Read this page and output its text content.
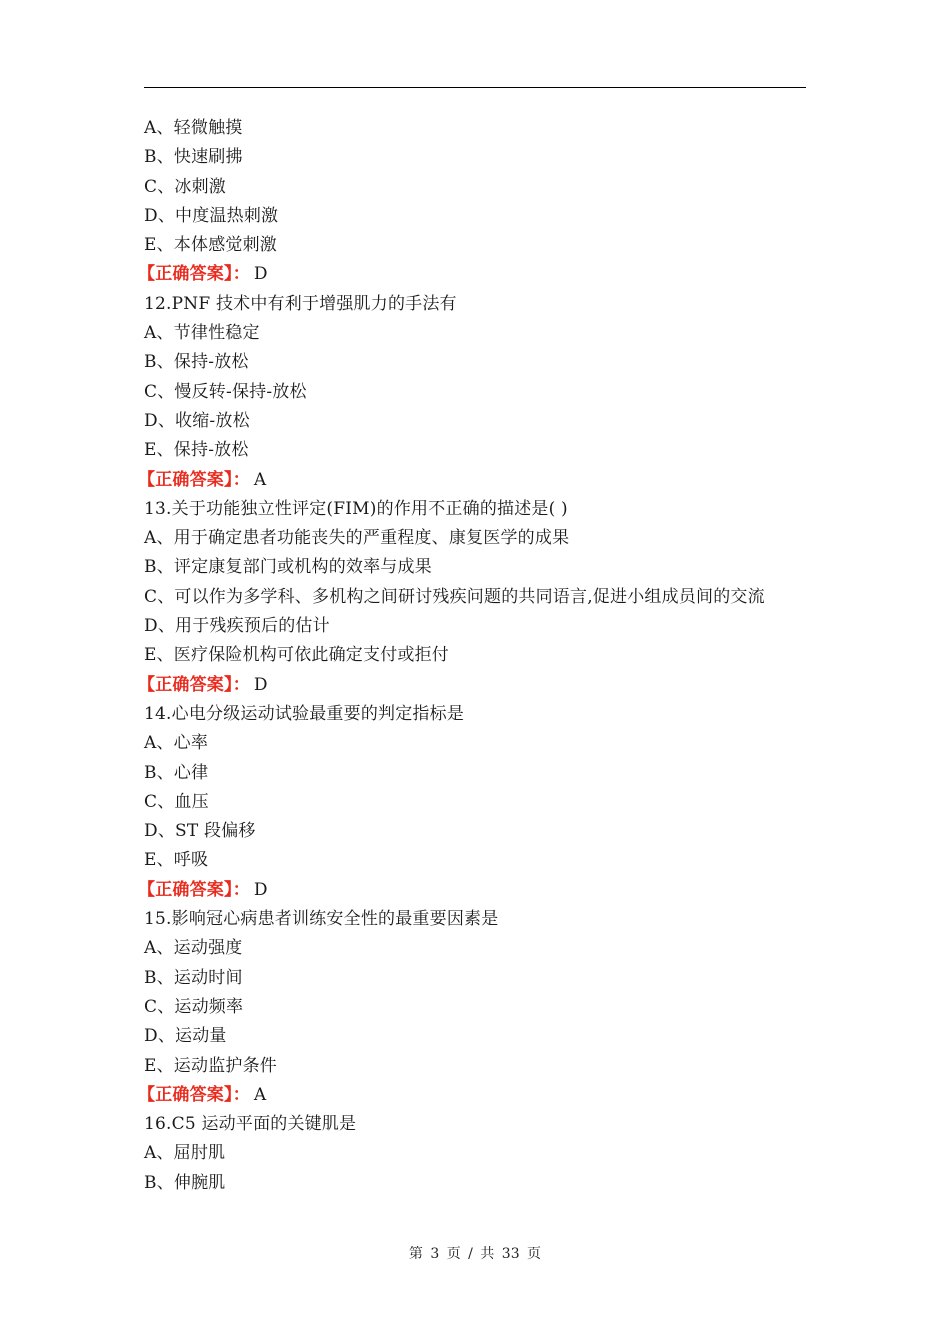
A、轻微触摸
B、快速刷拂
C、冰刺激
D、中度温热刺激
E、本体感觉刺激
【正确答案】： D
12.PNF 技术中有利于增强肌力的手法有
A、节律性稳定
B、保持-放松
C、慢反转-保持-放松
D、收缩-放松
E、保持-放松
【正确答案】： A
13.关于功能独立性评定(FIM)的作用不正确的描述是( )
A、用于确定患者功能丧失的严重程度、康复医学的成果
B、评定康复部门或机构的效率与成果
C、可以作为多学科、多机构之间研讨残疾问题的共同语言,促进小组成员间的交流
D、用于残疾预后的估计
E、医疗保险机构可依此确定支付或拒付
【正确答案】： D
14.心电分级运动试验最重要的判定指标是
A、心率
B、心律
C、血压
D、ST 段偏移
E、呼吸
【正确答案】： D
15.影响冠心病患者训练安全性的最重要因素是
A、运动强度
B、运动时间
C、运动频率
D、运动量
E、运动监护条件
【正确答案】： A
16.C5 运动平面的关键肌是
A、屈肘肌
B、伸腕肌
第 3 页 / 共 33 页
